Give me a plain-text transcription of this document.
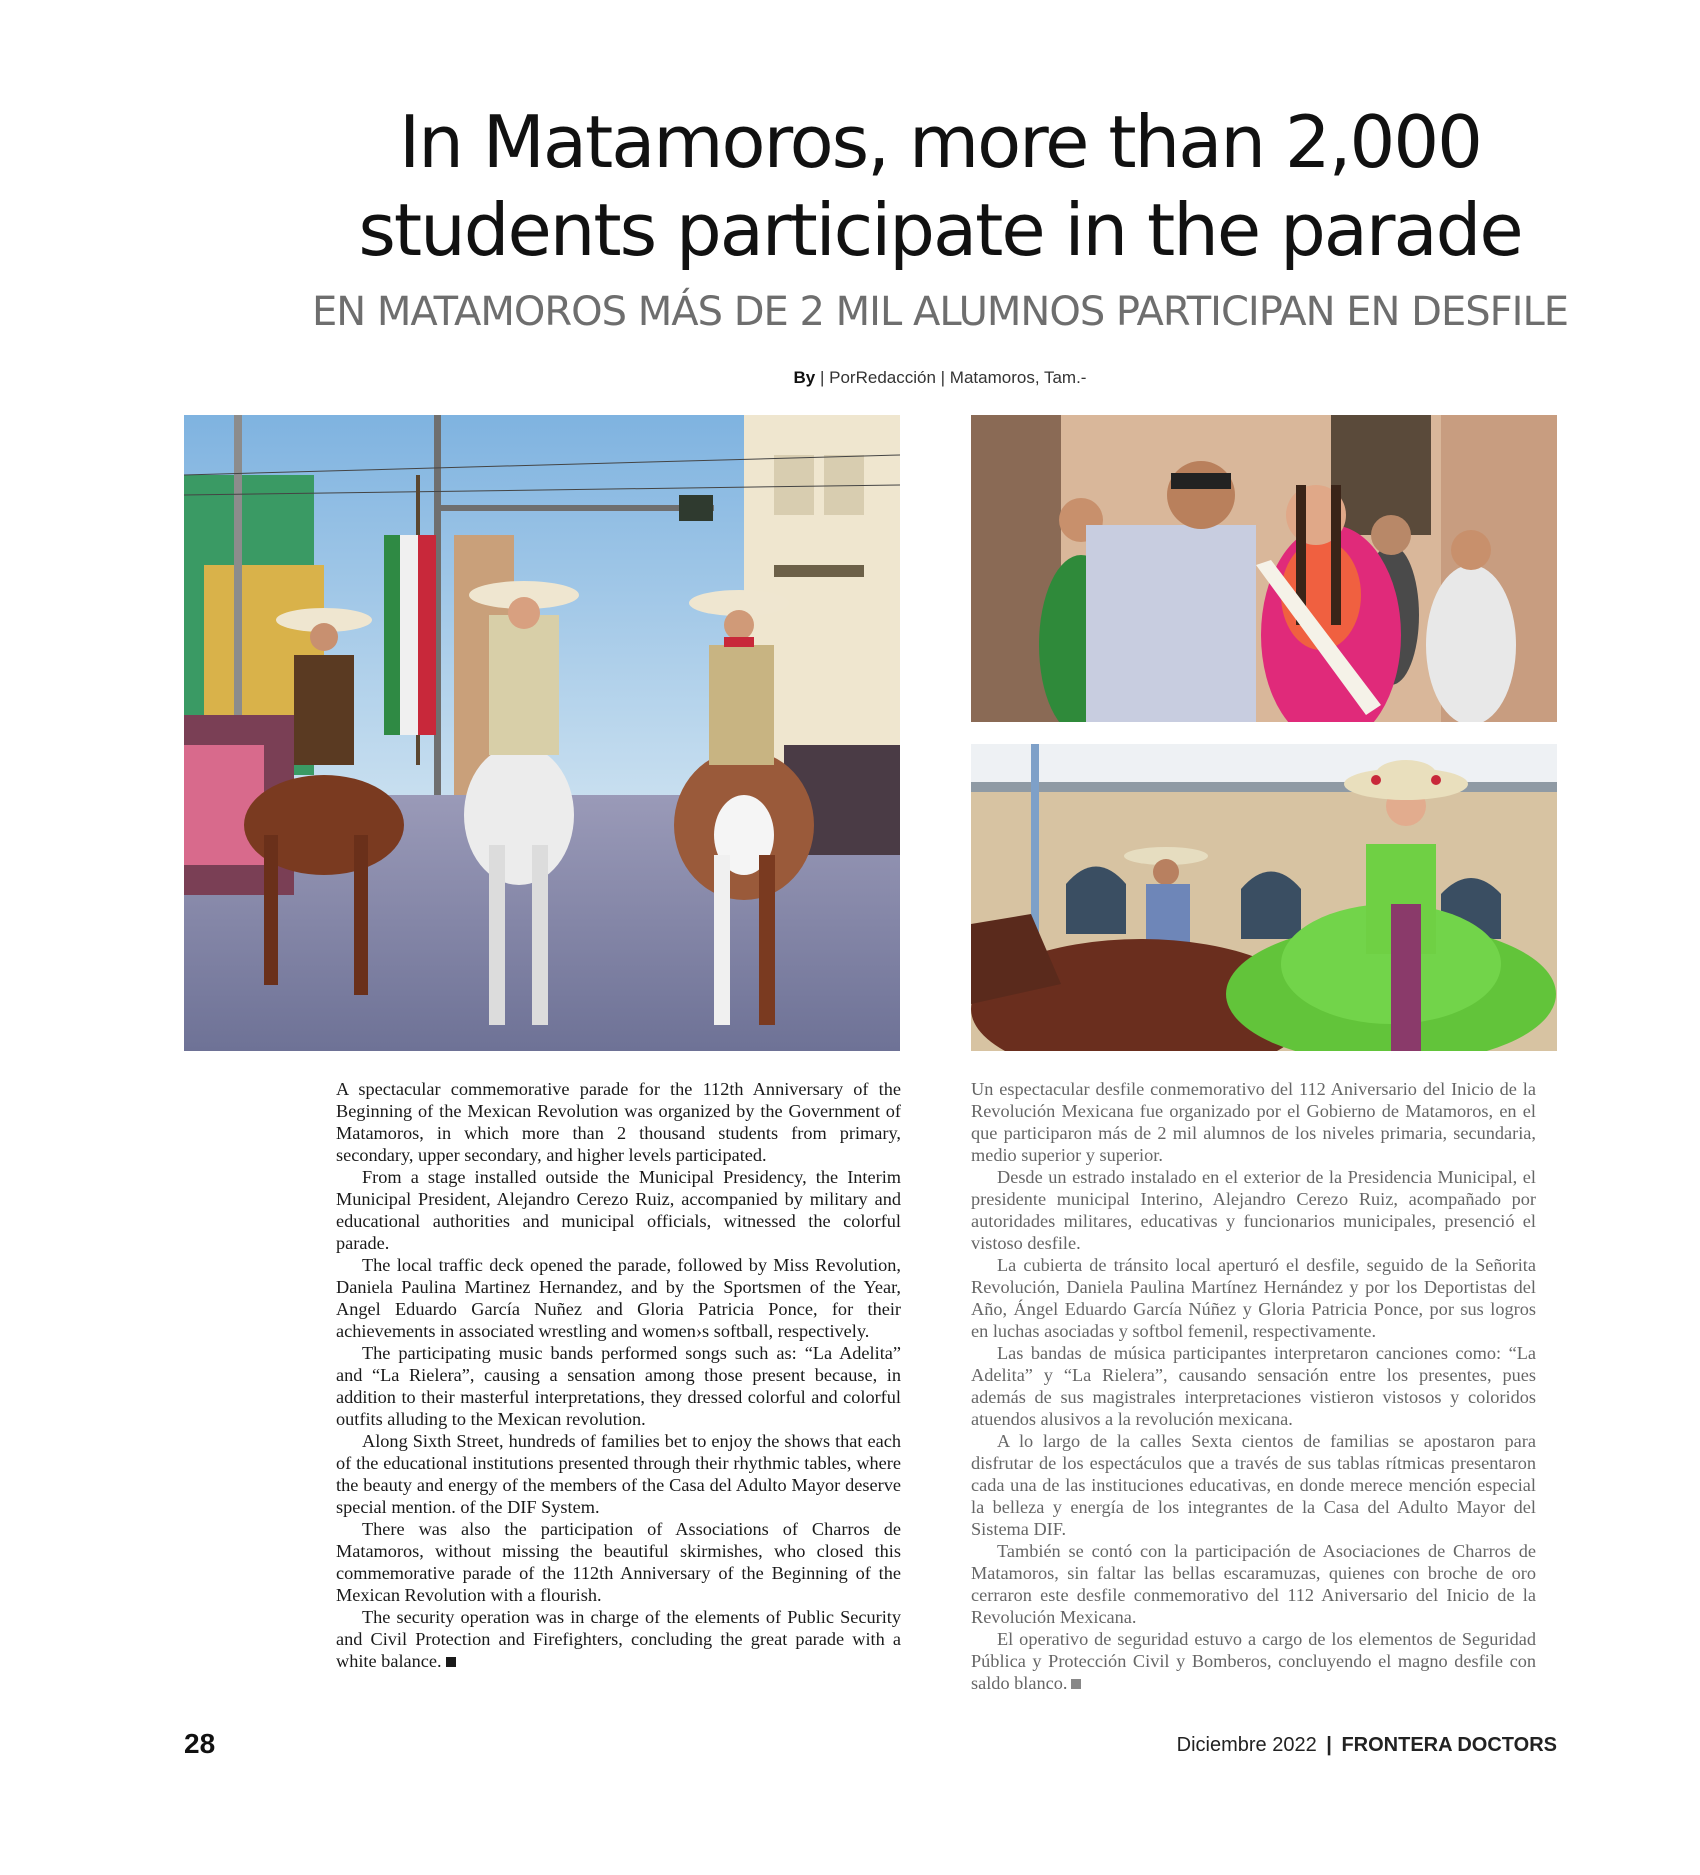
In Matamoros, more than 2,000 students participate in the parade
EN MATAMOROS MÁS DE 2 MIL ALUMNOS PARTICIPAN EN DESFILE
By | PorRedacción | Matamoros, Tam.-

A spectacular commemorative parade for the 112th Anniversary of the Beginning of the Mexican Revolution was organized by the Government of Matamoros, in which more than 2 thousand students from primary, secondary, upper secondary, and higher levels participated.

From a stage installed outside the Municipal Presidency, the Interim Municipal President, Alejandro Cerezo Ruiz, accompanied by military and educational authorities and municipal officials, witnessed the colorful parade.

The local traffic deck opened the parade, followed by Miss Revolution, Daniela Paulina Martinez Hernandez, and by the Sportsmen of the Year, Angel Eduardo García Nuñez and Gloria Patricia Ponce, for their achievements in associated wrestling and women›s softball, respectively.

The participating music bands performed songs such as: “La Adelita” and “La Rielera”, causing a sensation among those present because, in addition to their masterful interpretations, they dressed colorful and colorful outfits alluding to the Mexican revolution.

Along Sixth Street, hundreds of families bet to enjoy the shows that each of the educational institutions presented through their rhythmic tables, where the beauty and energy of the members of the Casa del Adulto Mayor deserve special mention. of the DIF System.

There was also the participation of Associations of Charros de Matamoros, without missing the beautiful skirmishes, who closed this commemorative parade of the 112th Anniversary of the Beginning of the Mexican Revolution with a flourish.

The security operation was in charge of the elements of Public Security and Civil Protection and Firefighters, concluding the great parade with a white balance.

Un espectacular desfile conmemorativo del 112 Aniversario del Inicio de la Revolución Mexicana fue organizado por el Gobierno de Matamoros, en el que participaron más de 2 mil alumnos de los niveles primaria, secundaria, medio superior y superior.

Desde un estrado instalado en el exterior de la Presidencia Municipal, el presidente municipal Interino, Alejandro Cerezo Ruiz, acompañado por autoridades militares, educativas y funcionarios municipales, presenció el vistoso desfile.

La cubierta de tránsito local aperturó el desfile, seguido de la Señorita Revolución, Daniela Paulina Martínez Hernández y por los Deportistas del Año, Ángel Eduardo García Núñez y Gloria Patricia Ponce, por sus logros en luchas asociadas y softbol femenil, respectivamente.

Las bandas de música participantes interpretaron canciones como: “La Adelita” y “La Rielera”, causando sensación entre los presentes, pues además de sus magistrales interpretaciones vistieron vistosos y coloridos atuendos alusivos a la revolución mexicana.

A lo largo de la calles Sexta cientos de familias se apostaron para disfrutar de los espectáculos que a través de sus tablas rítmicas presentaron cada una de las instituciones educativas, en donde merece mención especial la belleza y energía de los integrantes de la Casa del Adulto Mayor del Sistema DIF.

También se contó con la participación de Asociaciones de Charros de Matamoros, sin faltar las bellas escaramuzas, quienes con broche de oro cerraron este desfile conmemorativo del 112 Aniversario del Inicio de la Revolución Mexicana.

El operativo de seguridad estuvo a cargo de los elementos de Seguridad Pública y Protección Civil y Bomberos, concluyendo el magno desfile con saldo blanco.

28	Diciembre 2022 | FRONTERA DOCTORS
